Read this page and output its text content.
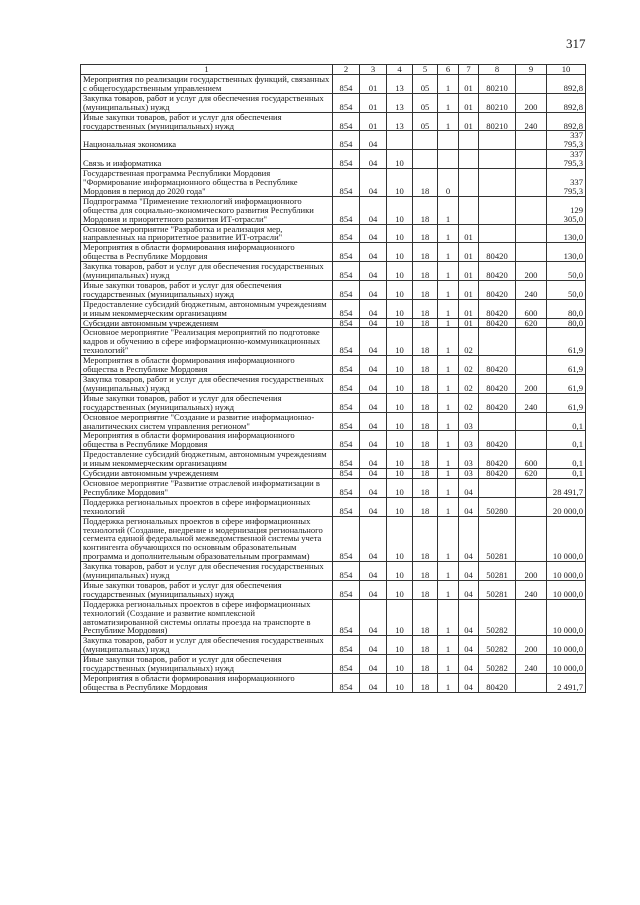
317
1	2	3	4	5	6	7	8	9	10
Мероприятия по реализации государственных функций, связанных с общегосударственным управлением	854	01	13	05	1	01	80210		892,8
Закупка товаров, работ и услуг для обеспечения государственных (муниципальных) нужд	854	01	13	05	1	01	80210	200	892,8
Иные закупки товаров, работ и услуг для обеспечения государственных (муниципальных) нужд	854	01	13	05	1	01	80210	240	892,8
Национальная экономика	854	04							337 795,3
Связь и информатика	854	04	10						337 795,3
Государственная программа Республики Мордовия "Формирование информационного общества в Республике Мордовия в период до 2020 года"	854	04	10	18	0				337 795,3
Подпрограмма "Применение технологий информационного общества для социально-экономического развития Республики Мордовия и приоритетного развития ИТ-отрасли"	854	04	10	18	1				129 305,0
Основное мероприятие "Разработка и реализация мер, направленных на приоритетное развитие ИТ-отрасли"	854	04	10	18	1	01			130,0
Мероприятия в области формирования информационного общества в Республике Мордовия	854	04	10	18	1	01	80420		130,0
Закупка товаров, работ и услуг для обеспечения государственных (муниципальных) нужд	854	04	10	18	1	01	80420	200	50,0
Иные закупки товаров, работ и услуг для обеспечения государственных (муниципальных) нужд	854	04	10	18	1	01	80420	240	50,0
Предоставление субсидий бюджетным, автономным учреждениям и иным некоммерческим организациям	854	04	10	18	1	01	80420	600	80,0
Субсидии автономным учреждениям	854	04	10	18	1	01	80420	620	80,0
Основное мероприятие "Реализация мероприятий по подготовке кадров и обучению в сфере информационно-коммуникационных технологий"	854	04	10	18	1	02			61,9
Мероприятия в области формирования информационного общества в Республике Мордовия	854	04	10	18	1	02	80420		61,9
Закупка товаров, работ и услуг для обеспечения государственных (муниципальных) нужд	854	04	10	18	1	02	80420	200	61,9
Иные закупки товаров, работ и услуг для обеспечения государственных (муниципальных) нужд	854	04	10	18	1	02	80420	240	61,9
Основное мероприятие "Создание и развитие информационно-аналитических систем управления регионом"	854	04	10	18	1	03			0,1
Мероприятия в области формирования информационного общества в Республике Мордовия	854	04	10	18	1	03	80420		0,1
Предоставление субсидий бюджетным, автономным учреждениям и иным некоммерческим организациям	854	04	10	18	1	03	80420	600	0,1
Субсидии автономным учреждениям	854	04	10	18	1	03	80420	620	0,1
Основное мероприятие "Развитие отраслевой информатизации в Республике Мордовия"	854	04	10	18	1	04			28 491,7
Поддержка региональных проектов в сфере информационных технологий	854	04	10	18	1	04	50280		20 000,0
Поддержка региональных проектов в сфере информационных технологий (Создание, внедрение и модернизация регионального сегмента единой федеральной межведомственной системы учета контингента обучающихся по основным образовательным программа и дополнительным образовательным программам)	854	04	10	18	1	04	50281		10 000,0
Закупка товаров, работ и услуг для обеспечения государственных (муниципальных) нужд	854	04	10	18	1	04	50281	200	10 000,0
Иные закупки товаров, работ и услуг для обеспечения государственных (муниципальных) нужд	854	04	10	18	1	04	50281	240	10 000,0
Поддержка региональных проектов в сфере информационных технологий (Создание и развитие комплексной автоматизированной системы оплаты проезда на транспорте в Республике Мордовия)	854	04	10	18	1	04	50282		10 000,0
Закупка товаров, работ и услуг для обеспечения государственных (муниципальных) нужд	854	04	10	18	1	04	50282	200	10 000,0
Иные закупки товаров, работ и услуг для обеспечения государственных (муниципальных) нужд	854	04	10	18	1	04	50282	240	10 000,0
Мероприятия в области формирования информационного общества в Республике Мордовия	854	04	10	18	1	04	80420		2 491,7
